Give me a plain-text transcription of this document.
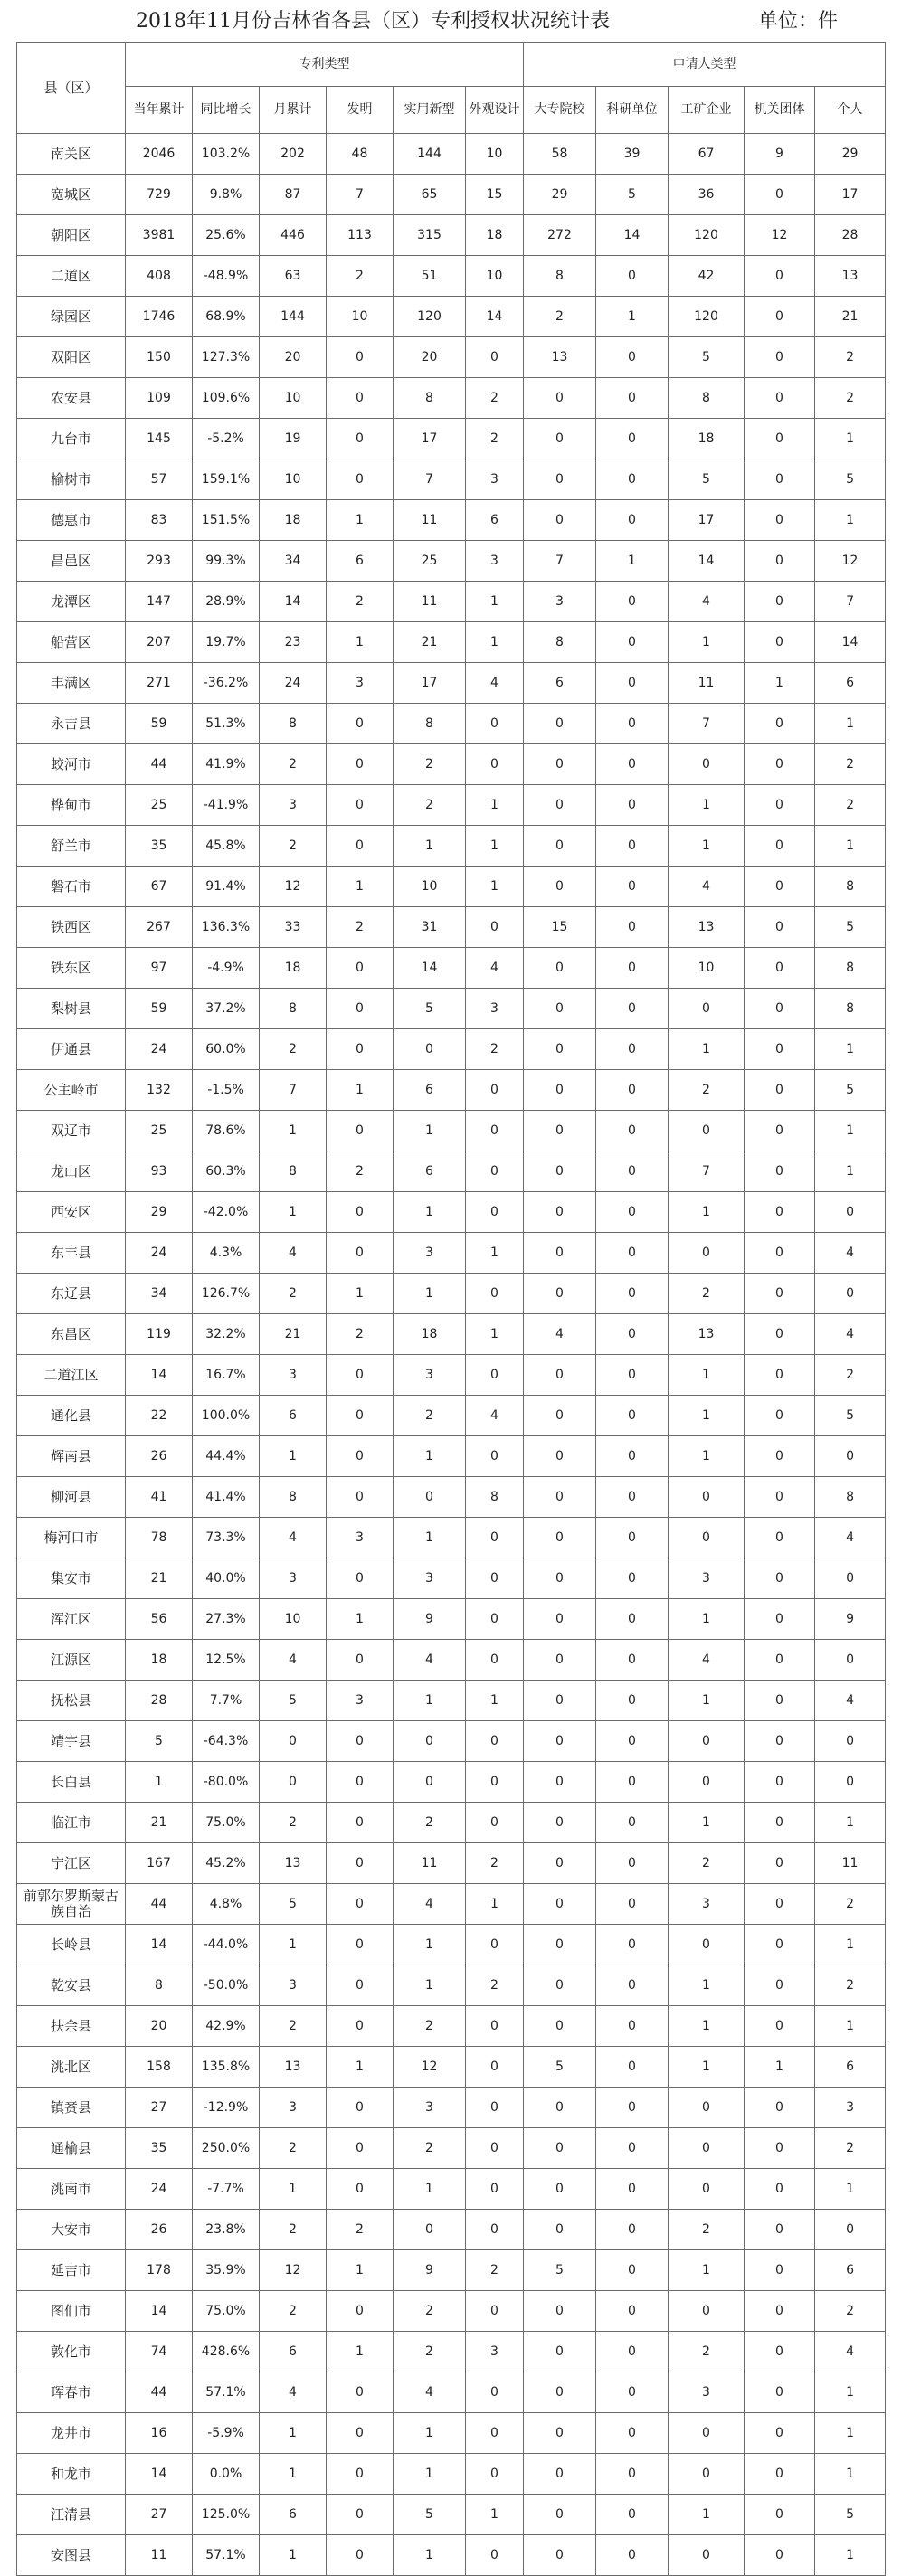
2018年11月份吉林省各县（区）专利授权状况统计表	单位：件
县（区）	专利类型						申请人类型				
	当年累计	同比增长	月累计	发明	实用新型	外观设计	大专院校	科研单位	工矿企业	机关团体	个人
南关区	2046	103.2%	202	48	144	10	58	39	67	9	29
宽城区	729	9.8%	87	7	65	15	29	5	36	0	17
朝阳区	3981	25.6%	446	113	315	18	272	14	120	12	28
二道区	408	-48.9%	63	2	51	10	8	0	42	0	13
绿园区	1746	68.9%	144	10	120	14	2	1	120	0	21
双阳区	150	127.3%	20	0	20	0	13	0	5	0	2
农安县	109	109.6%	10	0	8	2	0	0	8	0	2
九台市	145	-5.2%	19	0	17	2	0	0	18	0	1
榆树市	57	159.1%	10	0	7	3	0	0	5	0	5
德惠市	83	151.5%	18	1	11	6	0	0	17	0	1
昌邑区	293	99.3%	34	6	25	3	7	1	14	0	12
龙潭区	147	28.9%	14	2	11	1	3	0	4	0	7
船营区	207	19.7%	23	1	21	1	8	0	1	0	14
丰满区	271	-36.2%	24	3	17	4	6	0	11	1	6
永吉县	59	51.3%	8	0	8	0	0	0	7	0	1
蛟河市	44	41.9%	2	0	2	0	0	0	0	0	2
桦甸市	25	-41.9%	3	0	2	1	0	0	1	0	2
舒兰市	35	45.8%	2	0	1	1	0	0	1	0	1
磐石市	67	91.4%	12	1	10	1	0	0	4	0	8
铁西区	267	136.3%	33	2	31	0	15	0	13	0	5
铁东区	97	-4.9%	18	0	14	4	0	0	10	0	8
梨树县	59	37.2%	8	0	5	3	0	0	0	0	8
伊通县	24	60.0%	2	0	0	2	0	0	1	0	1
公主岭市	132	-1.5%	7	1	6	0	0	0	2	0	5
双辽市	25	78.6%	1	0	1	0	0	0	0	0	1
龙山区	93	60.3%	8	2	6	0	0	0	7	0	1
西安区	29	-42.0%	1	0	1	0	0	0	1	0	0
东丰县	24	4.3%	4	0	3	1	0	0	0	0	4
东辽县	34	126.7%	2	1	1	0	0	0	2	0	0
东昌区	119	32.2%	21	2	18	1	4	0	13	0	4
二道江区	14	16.7%	3	0	3	0	0	0	1	0	2
通化县	22	100.0%	6	0	2	4	0	0	1	0	5
辉南县	26	44.4%	1	0	1	0	0	0	1	0	0
柳河县	41	41.4%	8	0	0	8	0	0	0	0	8
梅河口市	78	73.3%	4	3	1	0	0	0	0	0	4
集安市	21	40.0%	3	0	3	0	0	0	3	0	0
浑江区	56	27.3%	10	1	9	0	0	0	1	0	9
江源区	18	12.5%	4	0	4	0	0	0	4	0	0
抚松县	28	7.7%	5	3	1	1	0	0	1	0	4
靖宇县	5	-64.3%	0	0	0	0	0	0	0	0	0
长白县	1	-80.0%	0	0	0	0	0	0	0	0	0
临江市	21	75.0%	2	0	2	0	0	0	1	0	1
宁江区	167	45.2%	13	0	11	2	0	0	2	0	11
前郭尔罗斯蒙古族自治	44	4.8%	5	0	4	1	0	0	3	0	2
长岭县	14	-44.0%	1	0	1	0	0	0	0	0	1
乾安县	8	-50.0%	3	0	1	2	0	0	1	0	2
扶余县	20	42.9%	2	0	2	0	0	0	1	0	1
洮北区	158	135.8%	13	1	12	0	5	0	1	1	6
镇赉县	27	-12.9%	3	0	3	0	0	0	0	0	3
通榆县	35	250.0%	2	0	2	0	0	0	0	0	2
洮南市	24	-7.7%	1	0	1	0	0	0	0	0	1
大安市	26	23.8%	2	2	0	0	0	0	2	0	0
延吉市	178	35.9%	12	1	9	2	5	0	1	0	6
图们市	14	75.0%	2	0	2	0	0	0	0	0	2
敦化市	74	428.6%	6	1	2	3	0	0	2	0	4
珲春市	44	57.1%	4	0	4	0	0	0	3	0	1
龙井市	16	-5.9%	1	0	1	0	0	0	0	0	1
和龙市	14	0.0%	1	0	1	0	0	0	0	0	1
汪清县	27	125.0%	6	0	5	1	0	0	1	0	5
安图县	11	57.1%	1	0	1	0	0	0	0	0	1
